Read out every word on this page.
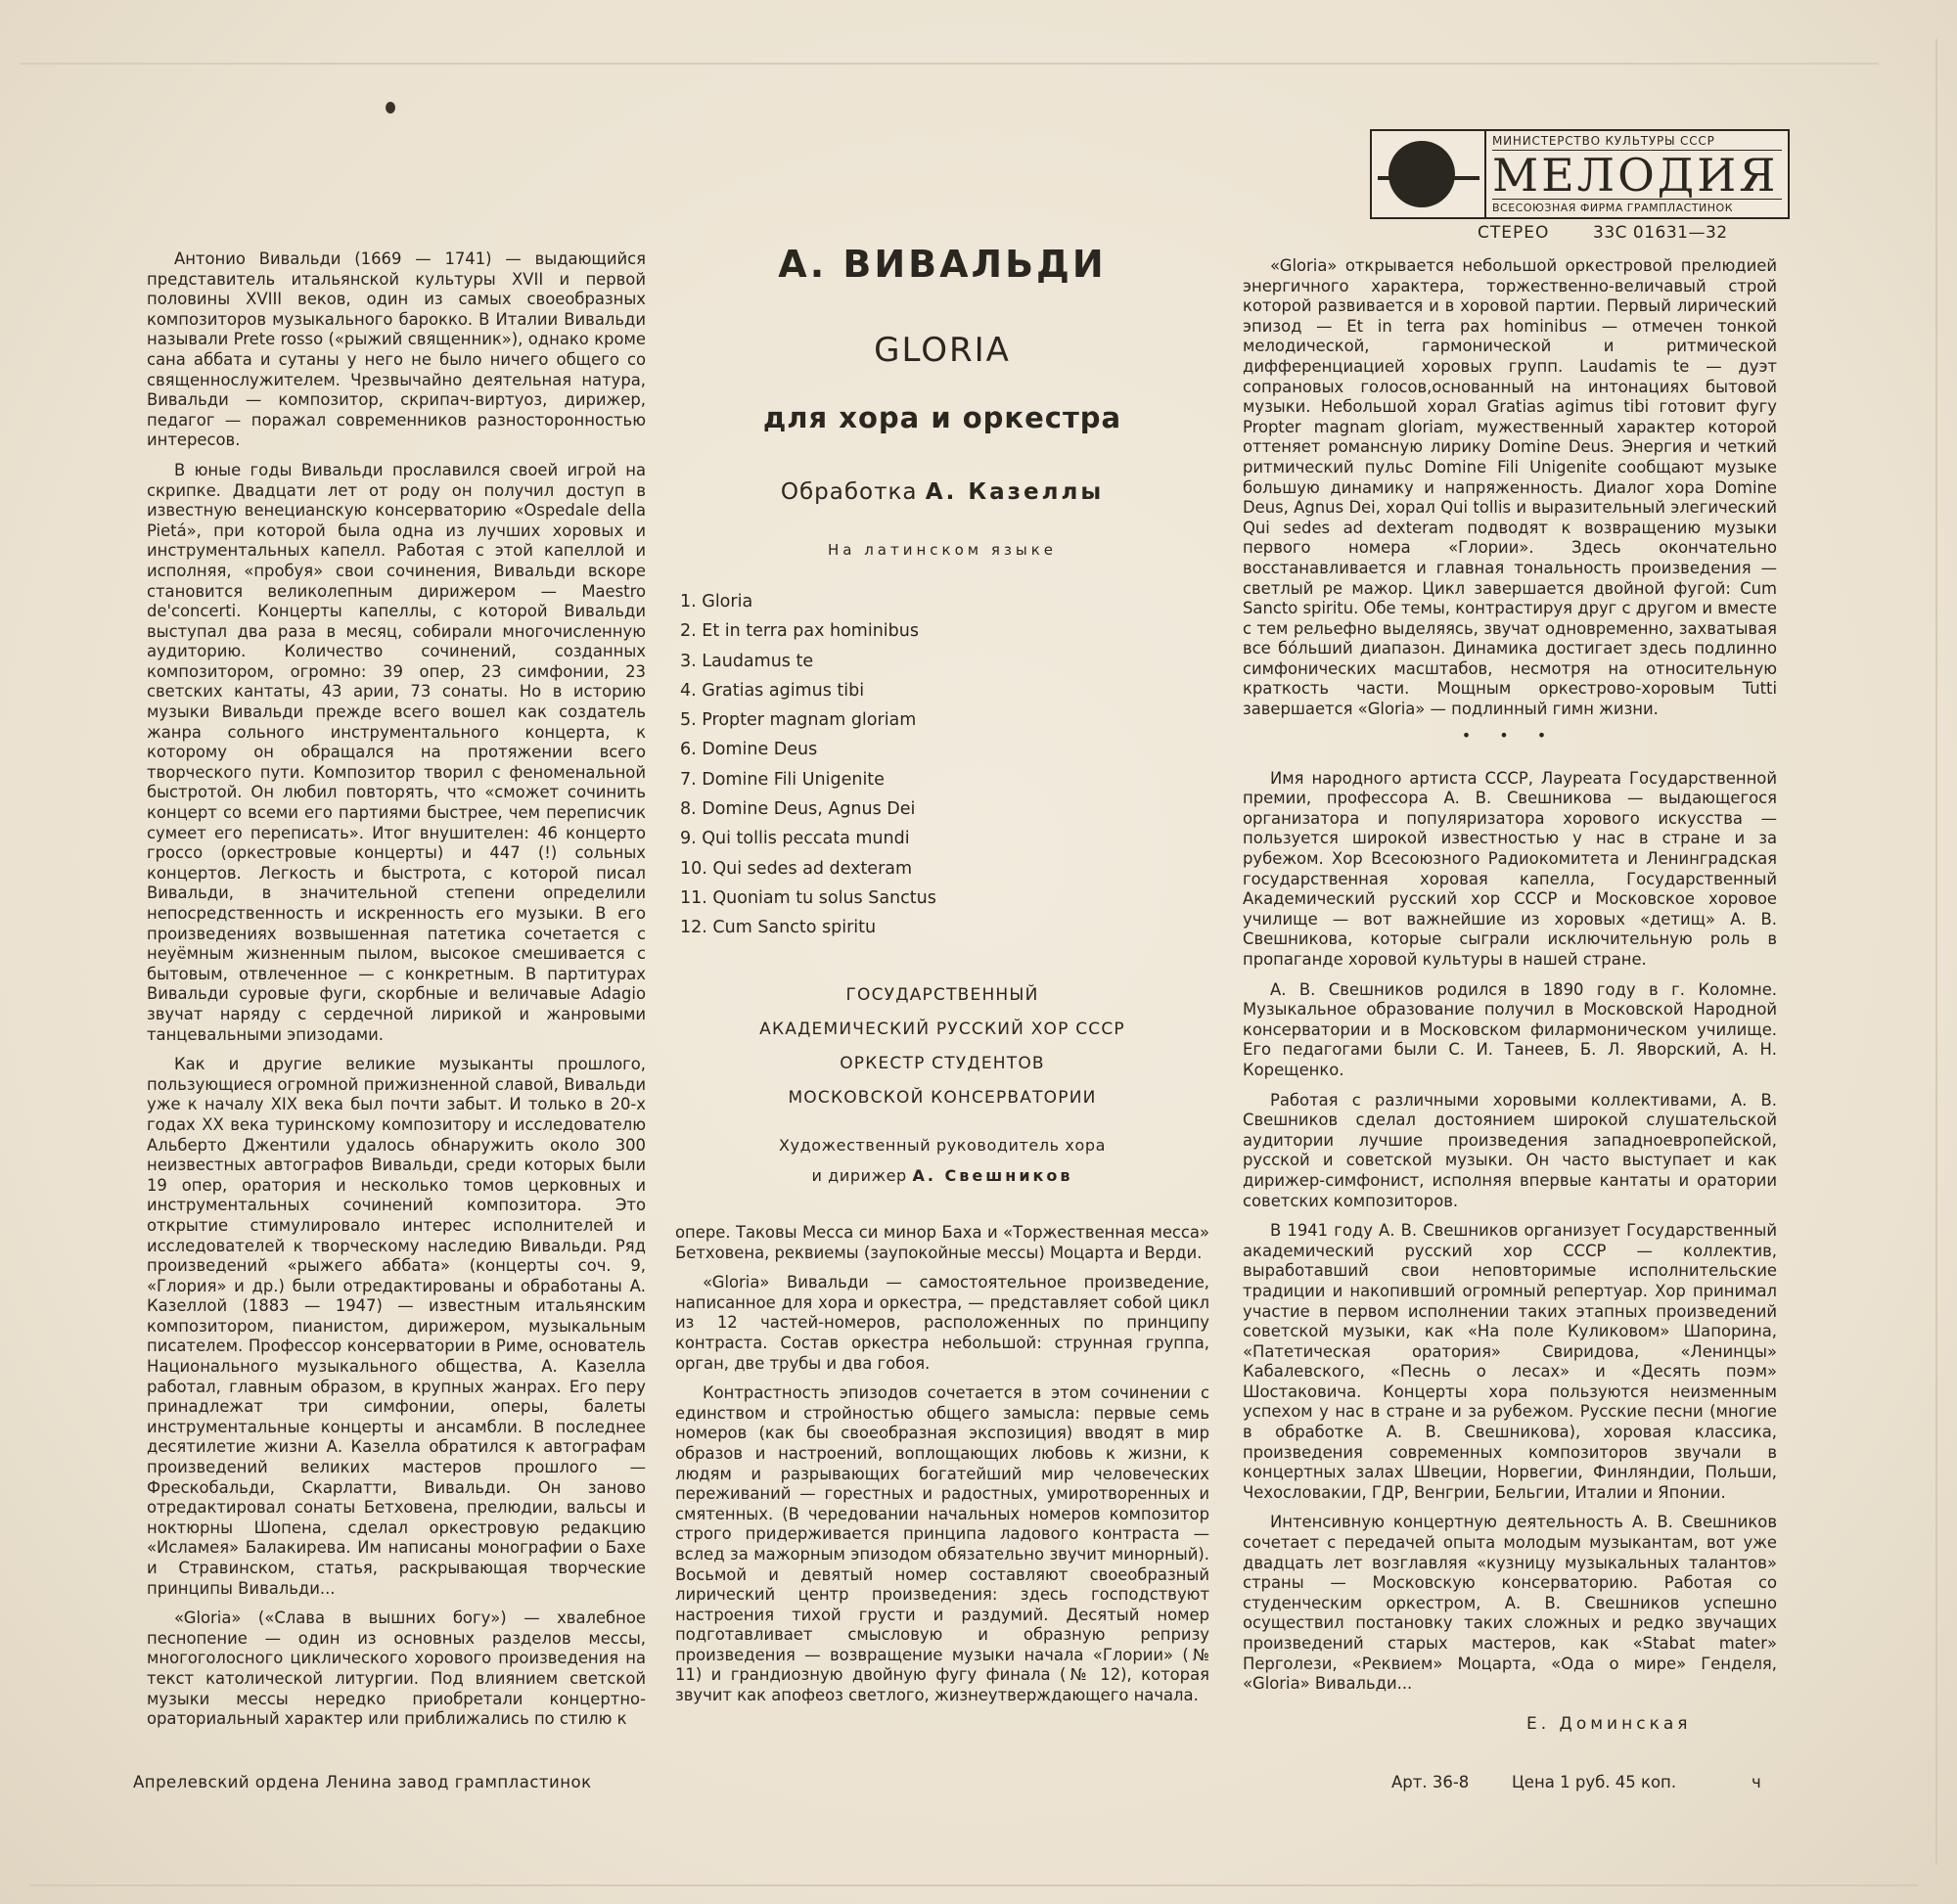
МИНИСТЕРСТВО КУЛЬТУРЫ СССР
МЕЛОДИЯ
ВСЕСОЮЗНАЯ ФИРМА ГРАМПЛАСТИНОК
СТЕРЕО	33С 01631—32
А. ВИВАЛЬДИ
GLORIA
для хора и оркестра
Обработка А. Казеллы
На латинском языке
1. Gloria
2. Et in terra pax hominibus
3. Laudamus te
4. Gratias agimus tibi
5. Propter magnam gloriam
6. Domine Deus
7. Domine Fili Unigenite
8. Domine Deus, Agnus Dei
9. Qui tollis peccata mundi
10. Qui sedes ad dexteram
11. Quoniam tu solus Sanctus
12. Cum Sancto spiritu
ГОСУДАРСТВЕННЫЙ
АКАДЕМИЧЕСКИЙ РУССКИЙ ХОР СССР
ОРКЕСТР СТУДЕНТОВ
МОСКОВСКОЙ КОНСЕРВАТОРИИ
Художественный руководитель хора
и дирижер А. Свешников

Антонио Вивальди (1669 — 1741) — выдающийся представитель итальянской культуры XVII и первой половины XVIII веков, один из самых своеобразных композиторов музыкального барокко. В Италии Вивальди называли Prete rosso («рыжий священник»), однако кроме сана аббата и сутаны у него не было ничего общего со священнослужителем. Чрезвычайно деятельная натура, Вивальди — композитор, скрипач-виртуоз, дирижер, педагог — поражал современников разносторонностью интересов.

В юные годы Вивальди прославился своей игрой на скрипке. Двадцати лет от роду он получил доступ в известную венецианскую консерваторию «Ospedale della Pietá», при которой была одна из лучших хоровых и инструментальных капелл. Работая с этой капеллой и исполняя, «пробуя» свои сочинения, Вивальди вскоре становится великолепным дирижером — Maestro de'concerti. Концерты капеллы, с которой Вивальди выступал два раза в месяц, собирали многочисленную аудиторию. Количество сочинений, созданных композитором, огромно: 39 опер, 23 симфонии, 23 светских кантаты, 43 арии, 73 сонаты. Но в историю музыки Вивальди прежде всего вошел как создатель жанра сольного инструментального концерта, к которому он обращался на протяжении всего творческого пути. Композитор творил с феноменальной быстротой. Он любил повторять, что «сможет сочинить концерт со всеми его партиями быстрее, чем переписчик сумеет его переписать». Итог внушителен: 46 концерто гроссо (оркестровые концерты) и 447 (!) сольных концертов. Легкость и быстрота, с которой писал Вивальди, в значительной степени определили непосредственность и искренность его музыки. В его произведениях возвышенная патетика сочетается с неуёмным жизненным пылом, высокое смешивается с бытовым, отвлеченное — с конкретным. В партитурах Вивальди суровые фуги, скорбные и величавые Adagio звучат наряду с сердечной лирикой и жанровыми танцевальными эпизодами.

Как и другие великие музыканты прошлого, пользующиеся огромной прижизненной славой, Вивальди уже к началу XIX века был почти забыт. И только в 20-х годах XX века туринскому композитору и исследователю Альберто Джентили удалось обнаружить около 300 неизвестных автографов Вивальди, среди которых были 19 опер, оратория и несколько томов церковных и инструментальных сочинений композитора. Это открытие стимулировало интерес исполнителей и исследователей к творческому наследию Вивальди. Ряд произведений «рыжего аббата» (концерты соч. 9, «Глория» и др.) были отредактированы и обработаны А. Казеллой (1883 — 1947) — известным итальянским композитором, пианистом, дирижером, музыкальным писателем. Профессор консерватории в Риме, основатель Национального музыкального общества, А. Казелла работал, главным образом, в крупных жанрах. Его перу принадлежат три симфонии, оперы, балеты инструментальные концерты и ансамбли. В последнее десятилетие жизни А. Казелла обратился к автографам произведений великих мастеров прошлого — Фрескобальди, Скарлатти, Вивальди. Он заново отредактировал сонаты Бетховена, прелюдии, вальсы и ноктюрны Шопена, сделал оркестровую редакцию «Исламея» Балакирева. Им написаны монографии о Бахе и Стравинском, статья, раскрывающая творческие принципы Вивальди...

«Gloria» («Слава в вышних богу») — хвалебное песнопение — один из основных разделов мессы, многоголосного циклического хорового произведения на текст католической литургии. Под влиянием светской музыки мессы нередко приобретали концертно-ораториальный характер или приближались по стилю к

опере. Таковы Месса си минор Баха и «Торжественная месса» Бетховена, реквиемы (заупокойные мессы) Моцарта и Верди.

«Gloria» Вивальди — самостоятельное произведение, написанное для хора и оркестра, — представляет собой цикл из 12 частей-номеров, расположенных по принципу контраста. Состав оркестра небольшой: струнная группа, орган, две трубы и два гобоя.

Контрастность эпизодов сочетается в этом сочинении с единством и стройностью общего замысла: первые семь номеров (как бы своеобразная экспозиция) вводят в мир образов и настроений, воплощающих любовь к жизни, к людям и разрывающих богатейший мир человеческих переживаний — горестных и радостных, умиротворенных и смятенных. (В чередовании начальных номеров композитор строго придерживается принципа ладового контраста — вслед за мажорным эпизодом обязательно звучит минорный). Восьмой и девятый номер составляют своеобразный лирический центр произведения: здесь господствуют настроения тихой грусти и раздумий. Десятый номер подготавливает смысловую и образную репризу произведения — возвращение музыки начала «Глории» (№ 11) и грандиозную двойную фугу финала (№ 12), которая звучит как апофеоз светлого, жизнеутверждающего начала.

«Gloria» открывается небольшой оркестровой прелюдией энергичного характера, торжественно-величавый строй которой развивается и в хоровой партии. Первый лирический эпизод — Et in terra pax hominibus — отмечен тонкой мелодической, гармонической и ритмической дифференциацией хоровых групп. Laudamis te — дуэт сопрановых голосов,основанный на интонациях бытовой музыки. Небольшой хорал Gratias agimus tibi готовит фугу Propter magnam gloriam, мужественный характер которой оттеняет романсную лирику Domine Deus. Энергия и четкий ритмический пульс Domine Fili Unigenite сообщают музыке большую динамику и напряженность. Диалог хора Domine Deus, Agnus Dei, хорал Qui tollis и выразительный элегический Qui sedes ad dexteram подводят к возвращению музыки первого номера «Глории». Здесь окончательно восстанавливается и главная тональность произведения — светлый ре мажор. Цикл завершается двойной фугой: Cum Sancto spiritu. Обе темы, контрастируя друг с другом и вместе с тем рельефно выделяясь, звучат одновременно, захватывая все бо́льший диапазон. Динамика достигает здесь подлинно симфонических масштабов, несмотря на относительную краткость части. Мощным оркестрово-хоровым Tutti завершается «Gloria» — подлинный гимн жизни.

Имя народного артиста СССР, Лауреата Государственной премии, профессора А. В. Свешникова — выдающегося организатора и популяризатора хорового искусства — пользуется широкой известностью у нас в стране и за рубежом. Хор Всесоюзного Радиокомитета и Ленинградская государственная хоровая капелла, Государственный Академический русский хор СССР и Московское хоровое училище — вот важнейшие из хоровых «детищ» А. В. Свешникова, которые сыграли исключительную роль в пропаганде хоровой культуры в нашей стране.

А. В. Свешников родился в 1890 году в г. Коломне. Музыкальное образование получил в Московской Народной консерватории и в Московском филармоническом училище. Его педагогами были С. И. Танеев, Б. Л. Яворский, А. Н. Корещенко.

Работая с различными хоровыми коллективами, А. В. Свешников сделал достоянием широкой слушательской аудитории лучшие произведения западноевропейской, русской и советской музыки. Он часто выступает и как дирижер-симфонист, исполняя впервые кантаты и оратории советских композиторов.

В 1941 году А. В. Свешников организует Государственный академический русский хор СССР — коллектив, выработавший свои неповторимые исполнительские традиции и накопивший огромный репертуар. Хор принимал участие в первом исполнении таких этапных произведений советской музыки, как «На поле Куликовом» Шапорина, «Патетическая оратория» Свиридова, «Ленинцы» Кабалевского, «Песнь о лесах» и «Десять поэм» Шостаковича. Концерты хора пользуются неизменным успехом у нас в стране и за рубежом. Русские песни (многие в обработке А. В. Свешникова), хоровая классика, произведения современных композиторов звучали в концертных залах Швеции, Норвегии, Финляндии, Польши, Чехословакии, ГДР, Венгрии, Бельгии, Италии и Японии.

Интенсивную концертную деятельность А. В. Свешников сочетает с передачей опыта молодым музыкантам, вот уже двадцать лет возглавляя «кузницу музыкальных талантов» страны — Московскую консерваторию. Работая со студенческим оркестром, А. В. Свешников успешно осуществил постановку таких сложных и редко звучащих произведений старых мастеров, как «Stabat mater» Перголези, «Реквием» Моцарта, «Ода о мире» Генделя, «Gloria» Вивальди...

• • •
Е. Доминская
Апрелевский ордена Ленина завод грампластинок	Арт. 36-8	Цена 1 руб. 45 коп.	ч
